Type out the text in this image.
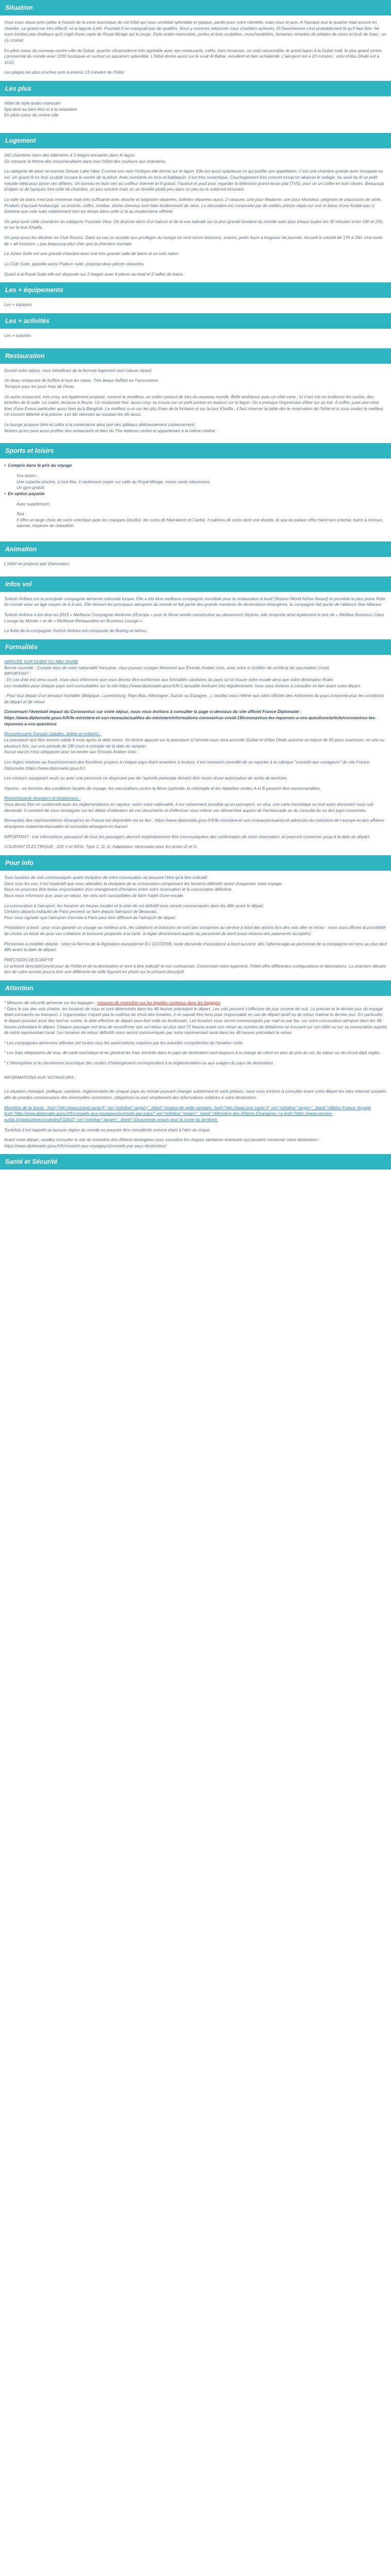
Situation

Vous vous situez près (allée à l'ouest) de la zone touristique de cet hôtel qui vous semblait splendide et typique, partiel pour notre clientèle; mais vous et puis. A l'époque tout le quartier était encore en chantier. Le grand rue très effectif, et la lagune à été. Pourtant il ne manquait pas de qualités. Nous y sommes retournés sous chantiers achevés. Et franchement c'est probablement là qu'il faut être. Ne sous tombez pas d'ailleurs qu'il s'agit d'une copie du Royal Mirage qui le jouge. Style arabo-marocaine, portes et bois sculptées, moucharabiehs, fontaines remplies de pétales de roses et bruit de l'eau : on s'y croirait.

En plein coeur du nouveau centre-ville de Dubaï, quartier ultramoderne très agréable avec ses restaurants, cafés, bars terrasses, un coût raisonnable, le grand lagon à la Dubaï mall, le plus grand centre commercial du monde avec 1200 boutiques et surtout un aquarium splendide. L'hôtel donne aussi sur le souk Al Bahar, excellent et bien achalandé. L'aéroport est à 20 minutes ; celui d'Abu Dhabi est à 1h10.

Les plages les plus proches sont à environ 15 minutes de l'hôtel.

Les plus

Hôtel de style arabo-marocain

Spa doté au bien-être et à la relaxation

En plein coeur du centre-ville

Logement

242 chambres dans des bâtiments à 3 étages encadrés dans le lagon.

On retrouve le thème des moucharabiehs dans tout l'hôtel des couleurs aux chambres.

La catégorie de base se nomme Deluxe Lake View. Comme son nom l'indique elle donne sur le lagon. Elle est aussi spacieuse ce qui justifie son appellation. C'est une chambre grande avec mosquée ou est. Un grand lit en bois sculpté occupe le centre de la pièce. Avec montants en bois et baldaquin. Il est très romantique. Couchagement très concret lorsqu'on abaisse le voilage. Au seuil du lit un petit meuble idéal pour poser ses affaires. Un bureau en bois sert au coiffeur Internet wi-fi gratuit. Fauteuil et pouf pour regarder la télévision grand écran plat (TV5), pour un un coffre en bois cloués. Beaucoup d'objets et de typiques font celle de chambre, un peu sombre mais on se réveille plutôt peu dans un peu ou le soleil est écrasant.

La salle de bains n'est pas immense mais très suffisante avec douche et baignoire séparées, toilettes séparées aussi, 2 vasques, une pour Madame, une pour Monsieur, peignoirs et chaussons de série. Produits d'accueil Ambassigir, sa brioche, coffre, minibar, sèche-cheveux sont bien évidemment de série. La décoration est composée par de vieilles photos sépia sur noir et blanc d'une Arabie pas si lointaine que cela mais relativement bon les temps dans celle-ci la au modernisme effréné.

On peut avoir celle chambres en catégorie Fountain View. On dispose alors d'un balcon et de la vue latérale sur la plus grande fontaine du monde avec jeux d'eaux toutes les 30 minutes entre 18h et 23h, et sur la tour Khalifa.

On peut aussi les décliner en Club Rooms. Dans ce cas on accède aux privilèges du lounge où sont servis boissons, snacks, petits fours à longueur de journée. Accueil à volonté de 17h à 20h. Une sorte de « all inclusive » pas beaucoup plus cher que la chambre normale.

La Junior Suite est une grande chambre avec une très grande salle de bains et un coin salon.

La Club Suite, appelée aussi Podium suite, propose deux pièces séparées.

Quant à la Royal Suite elle est disposée sur 2 étages avec 4 pièces au total et 2 salles de bains.

Les + équipements

Les + équipem

Les + activités

Les + activités

Restauration

Durant votre séjour, vous bénéficiez de la formule logement seul (sauve repas).

Un beau restaurant de buffets à tous les repas. Très beaux buffets en l'occurrence.

Terrasse pour les jours frais de l'hiver.

Un autre restaurant, très cosy, est également proposé, nommé le moelleux, un cellier partout de très du nouveau monde. Belle ambiance avec un côté carte ; ici il est mis en évidence les sushis, des échelles de la salle. Le cadré, terrasse à fleurie. Un restaurant thaï, aussi cosy, se trouve sur un petit ponton en avance sur le lagon. On a presque l'impression d'être sur un toit. À coffre, juste une mise liner d'une Eveux particulier aussi bien qu'à Bangkok. Le meilleur a un sur les plis d'eau de la fontaine et sur la tour Khalifa : il faut réserver la table dès le réservation de l'hôtel et si vous voulez le meilleur. Un concert détente à la piscine. Les tiki viennent au soudain les tiki aussi.

Le lounge propose thés et cafés à la contenance ainsi que des gâteaux délicieusement copieusement.

Notons qu'en peut aussi profiter des restaurants et bars du The Address centre et appartenant à la même chaîne.

Sports et loisirs

•  Compris dans le prix du voyage

Vos loisirs :

Une superbe piscine, à tout être, il seulement copier sur celle du Royal Mirage, moins vaste néanmoins.

Un gym gratuit.

•  En option payante

Avec supplément :

Spa :

Il offre un large choix de soins orientaux avec les marques Decléor, les soins de Marrakech et Caribe. Il cabines de soins dont une double, le spa du palace offre Hammam oriental, bains à remous, saunas, espaces de relaxation.

Animation

L'hôtel ne propose pas d'animation.

Infos vol

Turkish Airlines est la principale compagnie aérienne nationale turque. Elle a été élue meilleure compagnie mondiale pour la restauration à bord (Skytrax World Airline Award) et possède la plus jeune flotte du monde avec un âge moyen de 6,4 ans. Elle dessert les principaux aéroports du monde et fait partie des grands membres de destinations étrangères, la compagnie fait partie de l'alliance Star Alliance.

Turkish Airlines a été élue en 2015 « Meilleure Compagnie Aérienne d'Europe » pour la 5ème année consécutive au classement Skytrax, elle remporte ainsi également le prix de « Meilleur Business Class Lounge du Monde » et de « Meilleure Restauration en Business Lounge ».

La flotte de la compagnie Turkish Airlines est composée de Boeing et Airbus.

Formalités

ARRIVÉE SUR DUBAÏ OU ABU DHABI

Bonne nouvelle : Compte tenu de votre nationalité française, vous pouvez voyager librement aux Émirats Arabes Unis, avec votre e-Justifier de certificat de vaccination Covid.

IMPORTANT :

- En cas d'air est venu ouvrir, nous vous informons que vous devrez être conformes aux formalités sanitaires du pays où se trouve votre escale ainsi que votre destination finale.

Les modalités pour chaque pays sont consultables sur le site https://www.diplomatie.gouv.fr/fr/ L'actualité évoluant très régulièrement, nous vous invitons à consulter ce lien avant votre départ.

- Pour tout départ d'un aéroport frontalier (Belgique, Luxembourg, Pays-Bas, Allemagne, Suisse ou Espagne...), veuillez vous référer aux sites officiels des ministères du pays concerné pour les conditions de départ et de retour.

Concernant l'éventuel impact du Coronavirus sur votre séjour, nous vous invitons à consulter la page ci-dessous du site officiel France Diplomatie :

https://www.diplomatie.gouv.fr/fr/le-ministere-et-son-reseau/actualites-du-ministere/informations-coronavirus-covid-19/coronavirus-les-reponses-a-vos-questions/article/coronavirus-les-reponses-a-vos-questions

Ressortissants français (adultes, bébés et enfants) :

Le passeport doit être encore valide 6 mois après la date retour. Un timbre apposé sur le passeport à l'arrivée vous sera accordé (Dubaï et d'Abu Dhabi autorise un séjour de 90 jours maximum, en une ou plusieurs fois, sur une période de 180 jours à compter de la date du tampon.

Aucun vaccin n'est obligatoire pour se rendre aux Émirats Arabes Unis.

Les règles relatives au franchissement des frontières propres à chaque pays étant amenées à évoluer, il est vivement conseillé de se reporter à la rubrique "conseils aux voyageurs" du site France Diplomatie (https://www.diplomatie.gouv.fr/).

Les mineurs voyageant seuls ou avec une personne ne disposant pas de l'autorité parentale doivent être munis d'une autorisation de sortie de territoire.

Vaccins : en fonction des conditions locales de voyage, les vaccinations contre la fièvre typhoïde, la méningite et les hépatites virales A et B peuvent être recommandées.

Ressortissants étrangers et binationaux :

Vous devez être en conformité avec les réglementations en vigueur, selon votre nationalité. Il est notamment possible qu'un passeport, un visa, une carte touristique ou tout autre document vous soit demandé. Il convient de vous renseigner sur les délais d'obtention de ces documents et d'effectuer vous-même vos démarches auprès de l'ambassade ou du consulat du ou des pays concernés.

Demandez des représentations étrangères en France est disponible via ce lien : https://www.diplomatie.gouv.fr/fr/le-ministere-et-son-reseau/annuaires-et-adresses-du-ministere-de-l-europe-et-des-affaires-etrangeres-maeeo/ambassades-et-consulats-etrangers-en-france/

IMPORTANT : Les informations passeport de tous les passagers devront impérativement être communiquées dès confirmation de votre réservation, et pourront conserver jusqu'à la date du départ.

COURANT ÉLECTRIQUE : 220 V et 50Hz. Type C, D, G. Adaptateur nécessaire pour les prises D et G.

Pour info

Tous horaires de vols communiqués avant réception de votre convocation ne peuvent l'être qu'à titre indicatif.

Dans tous les cas, il est impératif que vous attendiez la réception de la convocation comprenant les horaires définitifs avant d'organiser votre voyage.

Nous ne pourrons être tenus responsables d'un changement d'horaires entre notre réservation et la convocation définitive.

Nous vous informons que, pour ce séjour, les vols sont susceptibles de faire l'objet d'une escale.

La convocation à l'aéroport, les horaires en heures locales et le plan de vol définitif vous seront communiqués dans les 48h avant le départ.

Certains départs indiqués de Paris peuvent se faire depuis l'aéroport de Beauvais.

Pour vous signaler que l'aéroport d'arrivée à Paris peut être différent de l'aéroport de départ.

Prestations à bord : pour vous garantir un voyage au meilleur prix, les collations et boissons ne sont pas comprises au service à bord des avions lors des vols aller et retour : nous vous offrons la possibilité de choisir un kiosk de pour vos collations et boissons proposés à la carte, à régler directement auprès du personnel de bord (sous réserve des paiements acceptés).

Personnes à mobilité réduite : selon la Norme de la législation européenne EU 1107/2006, toute demande d'assistance à bord survenir, dès l'atterrissage au personnel de la compagnie est tenu au plus tard 48h avant la date de départ.

PRÉCISION DESCRIPTIF

Le présent descriptif prend pour de l'hôtel et de la destination et sont à titre indicatif et non contractuel. Concernant votre logement, l'hôtel offre différentes configurations et décorations. La chambre allouée lors de votre arrivée pourra être une différente de celle figurant en photo sur le présent descriptif.

Attention

* Mesures de sécurité aérienne sur les bagages : mesures de restriction sur les liquides contenus dans les bagages

* Dans le cas des vols charter, les horaires de vous et sont déterminés dans les 48 heures précédant le départ. Les vols peuvent s'effectuer de jour comme de nuit. Le premier et le dernier jour du voyage étant consacrés au transport. L'organisateur n'ayant pas la maîtrise du choix des horaires, il ne saurait être tenu pour responsable en cas de départ tardif ou de retour matinal le dernier jour. En particulier, le départ pouvant avoir lieu tard en soirée, la date effective de départ peut être celle du lendemain. Les horaires vous seront communiqués par mail ou par fax, sur votre convocation aéroport dans les 48 heures précédant le départ. Chaque passager est tenu de reconfirmer son vol retour au plus tard 72 heures avant son retour au numéro de téléphone se trouvant sur son billet ou sur sa convocation auprès de notre représentant local. Les horaires de retour définitifs vous seront communiqués par notre représentant local dans les 48 heures précédant le retour.

* Les compagnies aériennes utilisées ont toutes reçu les autorisations requises par les autorités compétentes de l'aviation civile.

* Les frais obligatoires de visa, de carte touristique et en général les frais d'entrée dans le pays de destination sont toujours à la charge du client en plus du prix du vol, du séjour ou du circuit déjà réglés.

* L'hémisphère et le classement touristique des modes d'hébergement correspondent à la réglementation ou aux usages du pays de destination.

INFORMATIONS AUX VOYAGEURS :

La situation chimique, politique, sanitaire, réglementaire de chaque pays du monde pouvant changer subitement et sans préavis, nous vous invitons à consulter avant votre départ les sites Internet suivants afin de prendre connaissance des éventuelles restrictions, obligations ou tout simplement des informations relatives à votre destination.

Ministère de la Santé : href="http://www.travel.sante.fr" rel="nofollow" target="_blank">Institut de veille sanitaire, href="http://www.invs.sante.fr" rel="nofollow" target="_blank">Météo France Voyage href="http://www.diplomatie.gouv.fr/fr/conseils-aux-voyageurs/conseils-par-pays/" rel="nofollow" target="_blank">Ministère des Affaires Étrangères <a href="https://www.service-public.fr/particuliers/vosdroits/F32810" rel="nofollow" target="_blank">Documents requis pour la sortie du territoire.

Toutefois il est rappelé qu'aucune région du monde ne pouvant être considérée comme étant à l'abri du risque.

Avant votre départ, veuillez consulter le site du ministère des Affaires étrangères pour connaître les risques sanitaires éventuels qui peuvent concerner votre destination : https://www.diplomatie.gouv.fr/fr/conseils-aux-voyageurs/conseils-par-pays-destination/

Santé et Sécurité
